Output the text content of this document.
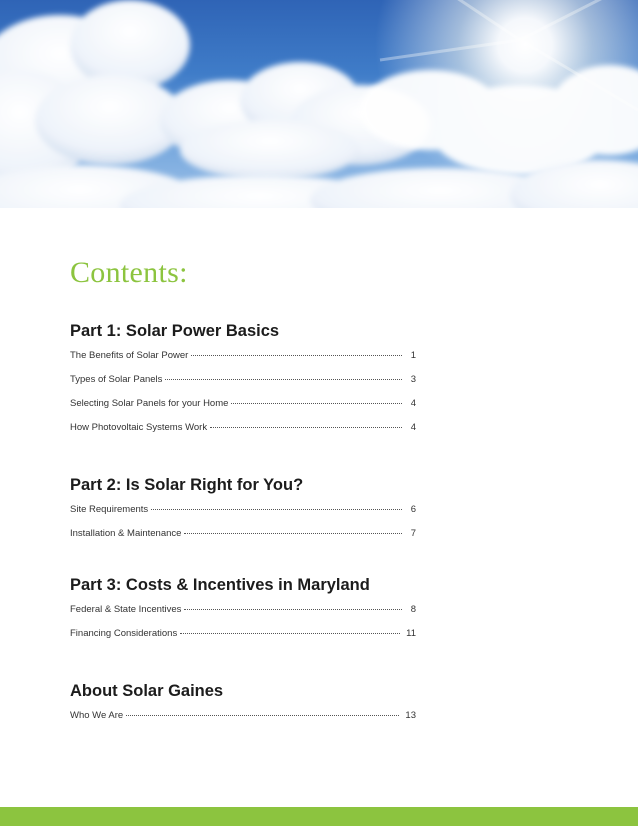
Contents:
Part 1: Solar Power Basics
The Benefits of Solar Power	1
Types of Solar Panels	3
Selecting Solar Panels for your Home	4
How Photovoltaic Systems Work	4
Part 2: Is Solar Right for You?
Site Requirements	6
Installation & Maintenance	7
Part 3: Costs & Incentives in Maryland
Federal & State Incentives	8
Financing Considerations	11
About Solar Gaines
Who We Are	13
